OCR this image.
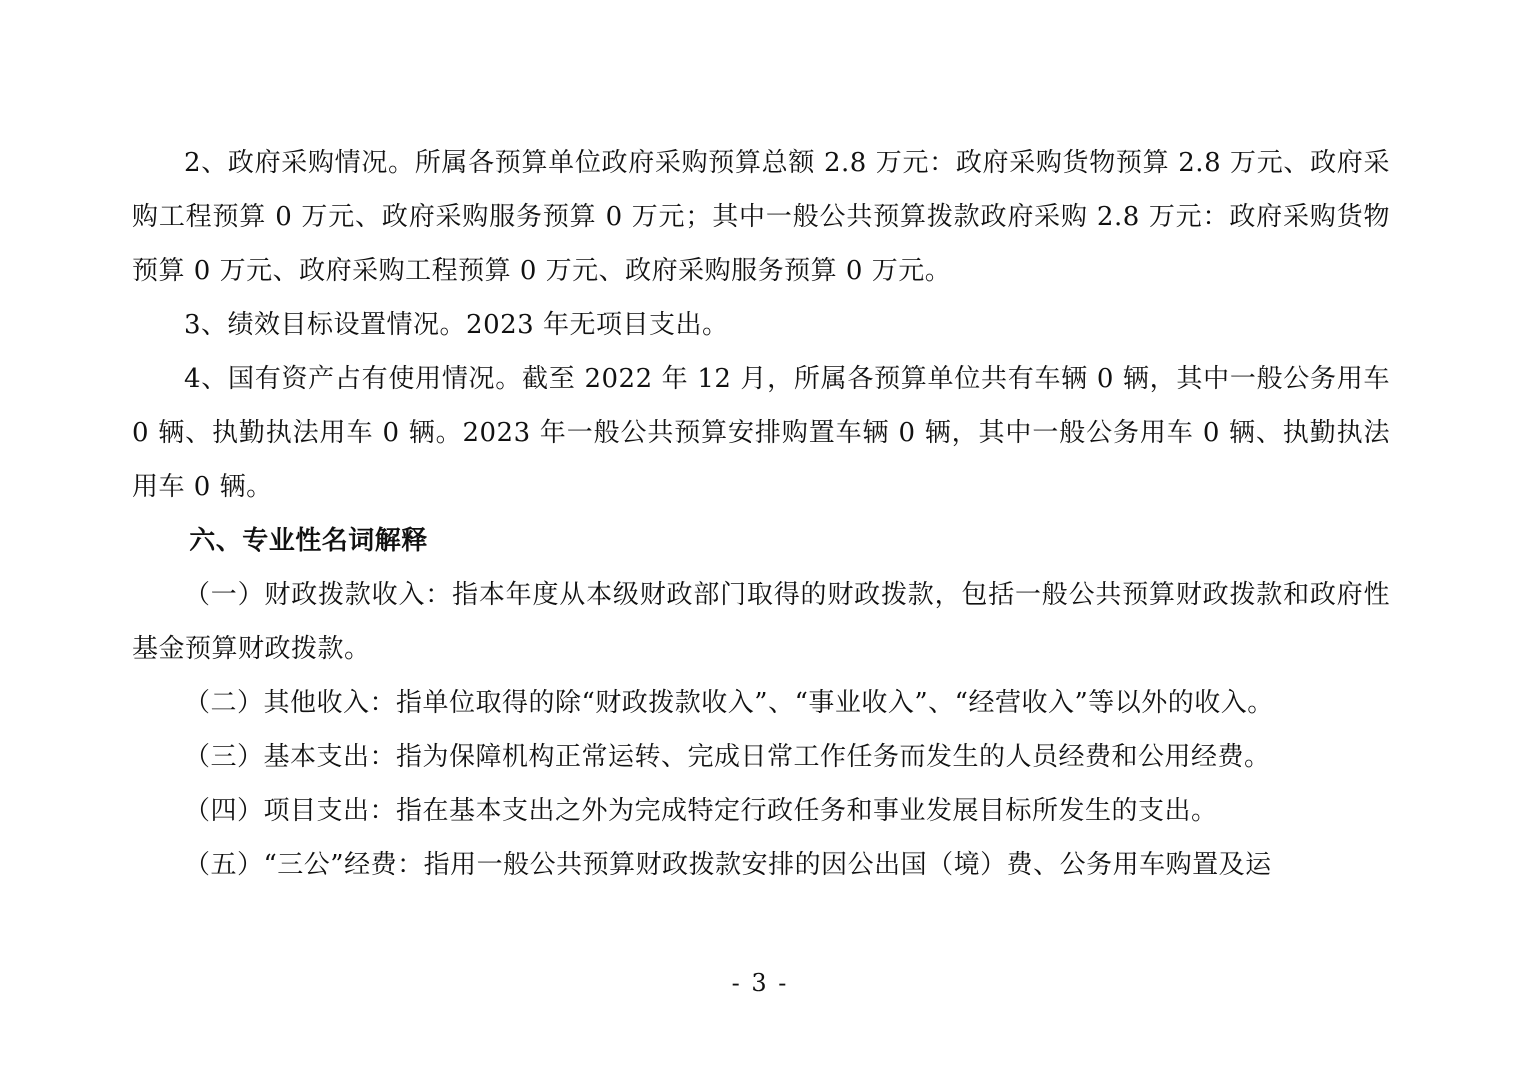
2、政府采购情况。所属各预算单位政府采购预算总额 2.8 万元：政府采购货物预算 2.8 万元、政府采购工程预算 0 万元、政府采购服务预算 0 万元；其中一般公共预算拨款政府采购 2.8 万元：政府采购货物预算 0 万元、政府采购工程预算 0 万元、政府采购服务预算 0 万元。

3、绩效目标设置情况。2023 年无项目支出。

4、国有资产占有使用情况。截至 2022 年 12 月，所属各预算单位共有车辆 0 辆，其中一般公务用车 0 辆、执勤执法用车 0 辆。2023 年一般公共预算安排购置车辆 0 辆，其中一般公务用车 0 辆、执勤执法用车 0 辆。

六、专业性名词解释

（一）财政拨款收入：指本年度从本级财政部门取得的财政拨款，包括一般公共预算财政拨款和政府性基金预算财政拨款。

（二）其他收入：指单位取得的除“财政拨款收入”、“事业收入”、“经营收入”等以外的收入。

（三）基本支出：指为保障机构正常运转、完成日常工作任务而发生的人员经费和公用经费。

（四）项目支出：指在基本支出之外为完成特定行政任务和事业发展目标所发生的支出。

（五）“三公”经费：指用一般公共预算财政拨款安排的因公出国（境）费、公务用车购置及运

- 3 -
